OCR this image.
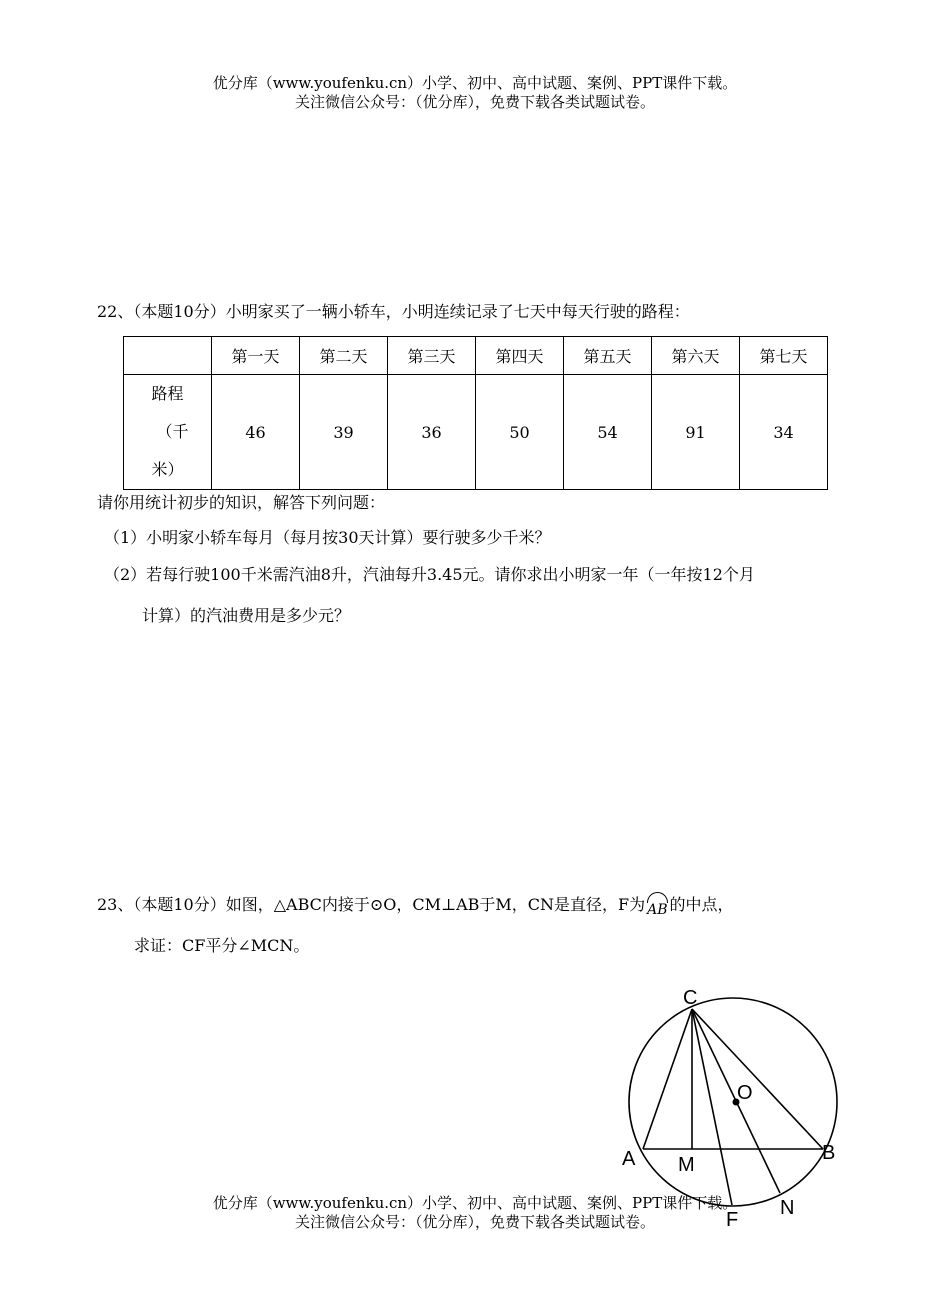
优分库（www.youfenku.cn）小学、初中、高中试题、案例、PPT课件下载。
关注微信公众号：（优分库），免费下载各类试题试卷。
22、（本题10分）小明家买了一辆小轿车，小明连续记录了七天中每天行驶的路程：
	第一天	第二天	第三天	第四天	第五天	第六天	第七天

路程
（千
米）	46	39	36	50	54	91	34
请你用统计初步的知识，解答下列问题：
（1）小明家小轿车每月（每月按30天计算）要行驶多少千米？
（2）若每行驶100千米需汽油8升，汽油每升3.45元。请你求出小明家一年（一年按12个月
计算）的汽油费用是多少元？
23、（本题10分）如图，△ABC内接于⊙O，CM⊥AB于M，CN是直径，F为 AB 的中点，
求证：CF平分∠MCN。
C
O
A M
B
F
N
优分库（www.youfenku.cn）小学、初中、高中试题、案例、PPT课件下载。
关注微信公众号：（优分库），免费下载各类试题试卷。
